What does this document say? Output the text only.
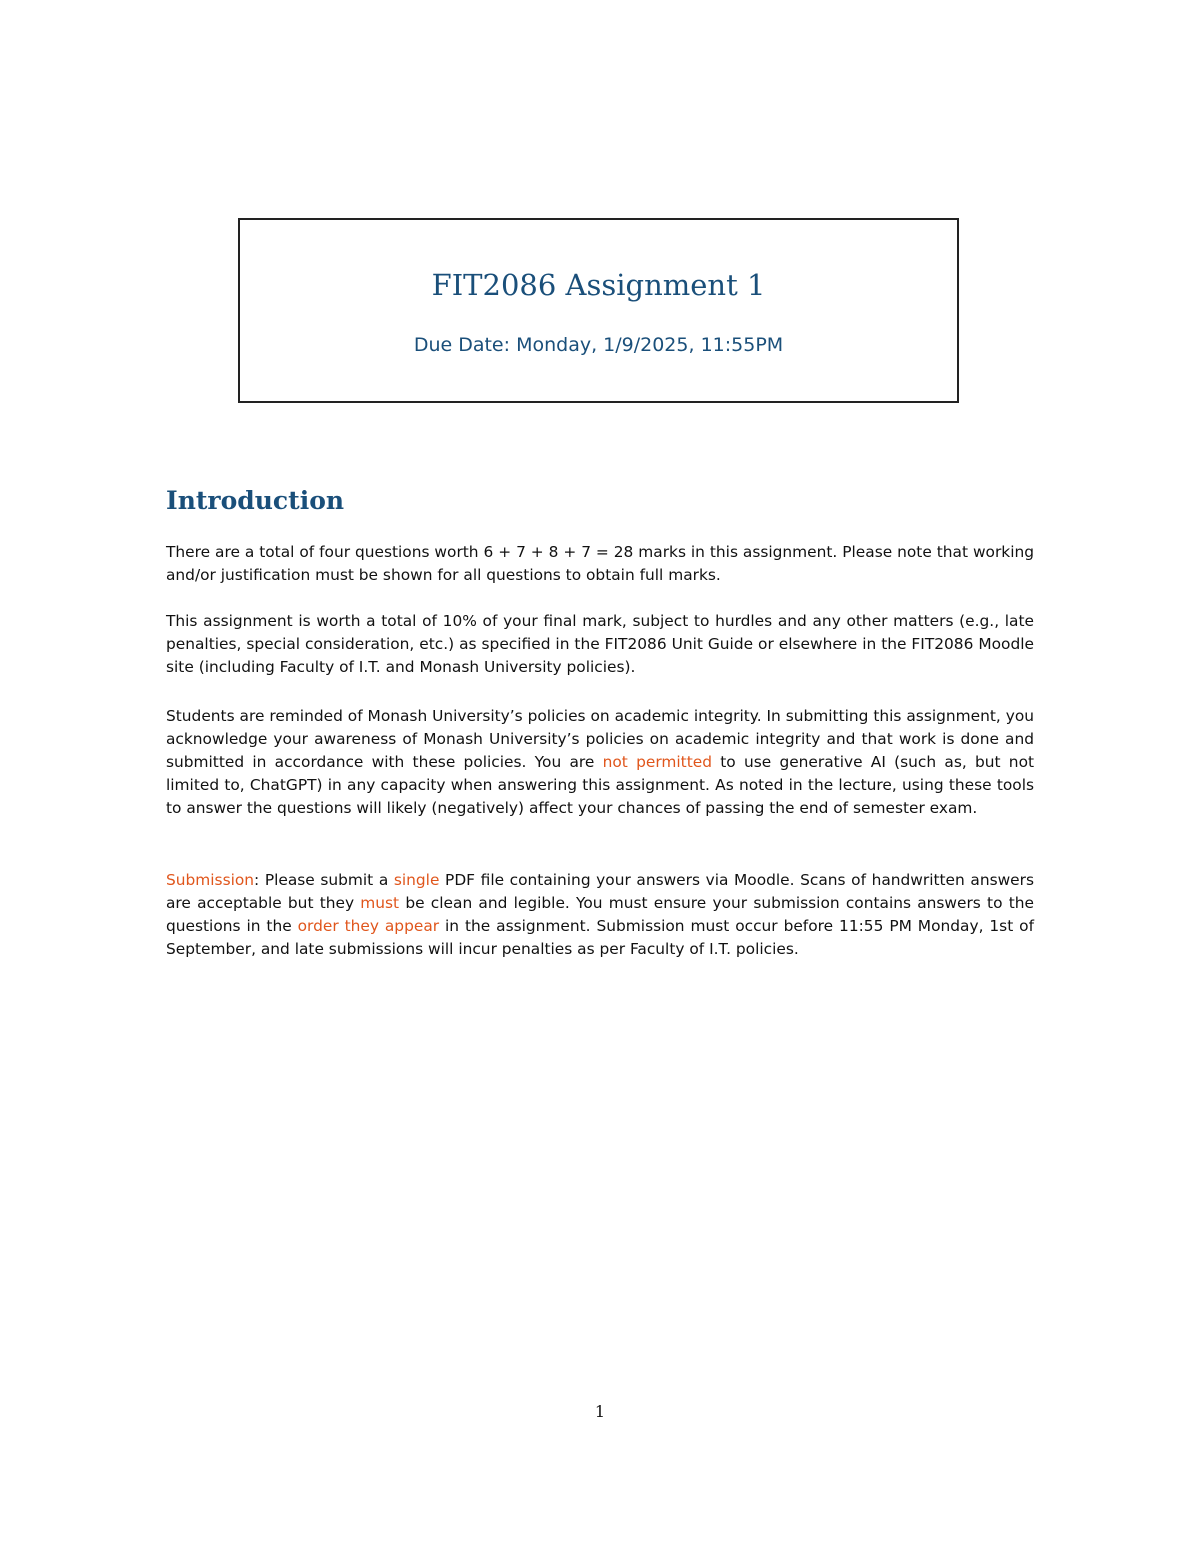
FIT2086 Assignment 1
Due Date: Monday, 1/9/2025, 11:55PM
Introduction
There are a total of four questions worth 6 + 7 + 8 + 7 = 28 marks in this assignment. Please note that working and/or justification must be shown for all questions to obtain full marks.
This assignment is worth a total of 10% of your final mark, subject to hurdles and any other matters (e.g., late penalties, special consideration, etc.) as specified in the FIT2086 Unit Guide or elsewhere in the FIT2086 Moodle site (including Faculty of I.T. and Monash University policies).
Students are reminded of Monash University’s policies on academic integrity. In submitting this assignment, you acknowledge your awareness of Monash University’s policies on academic integrity and that work is done and submitted in accordance with these policies. You are not permitted to use generative AI (such as, but not limited to, ChatGPT) in any capacity when answering this assignment. As noted in the lecture, using these tools to answer the questions will likely (negatively) affect your chances of passing the end of semester exam.
Submission: Please submit a single PDF file containing your answers via Moodle. Scans of handwritten answers are acceptable but they must be clean and legible. You must ensure your submission contains answers to the questions in the order they appear in the assignment. Submission must occur before 11:55 PM Monday, 1st of September, and late submissions will incur penalties as per Faculty of I.T. policies.
1
